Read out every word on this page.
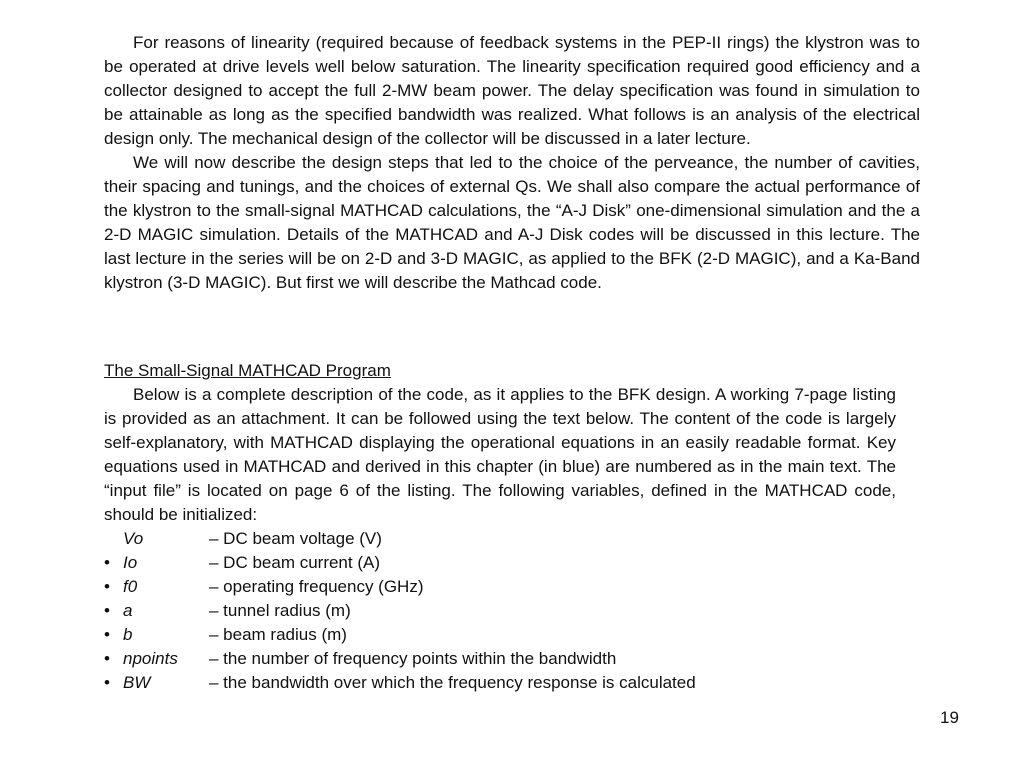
For reasons of linearity (required because of feedback systems in the PEP-II rings) the klystron was to be operated at drive levels well below saturation. The linearity specification required good efficiency and a collector designed to accept the full 2-MW beam power. The delay specification was found in simulation to be attainable as long as the specified bandwidth was realized. What follows is an analysis of the electrical design only. The mechanical design of the collector will be discussed in a later lecture.

We will now describe the design steps that led to the choice of the perveance, the number of cavities, their spacing and tunings, and the choices of external Qs. We shall also compare the actual performance of the klystron to the small-signal MATHCAD calculations, the “A-J Disk” one-dimensional simulation and the a 2-D MAGIC simulation. Details of the MATHCAD and A-J Disk codes will be discussed in this lecture. The last lecture in the series will be on 2-D and 3-D MAGIC, as applied to the BFK (2-D MAGIC), and a Ka-Band klystron (3-D MAGIC). But first we will describe the Mathcad code.

The Small-Signal MATHCAD Program

Below is a complete description of the code, as it applies to the BFK design. A working 7-page listing is provided as an attachment. It can be followed using the text below. The content of the code is largely self-explanatory, with MATHCAD displaying the operational equations in an easily readable format. Key equations used in MATHCAD and derived in this chapter (in blue) are numbered as in the main text. The “input file” is located on page 6 of the listing. The following variables, defined in the MATHCAD code, should be initialized:

Vo	– DC beam voltage (V)
• Io	– DC beam current (A)
• f0	– operating frequency (GHz)
• a	– tunnel radius (m)
• b	– beam radius (m)
• npoints	– the number of frequency points within the bandwidth
• BW	– the bandwidth over which the frequency response is calculated
19
